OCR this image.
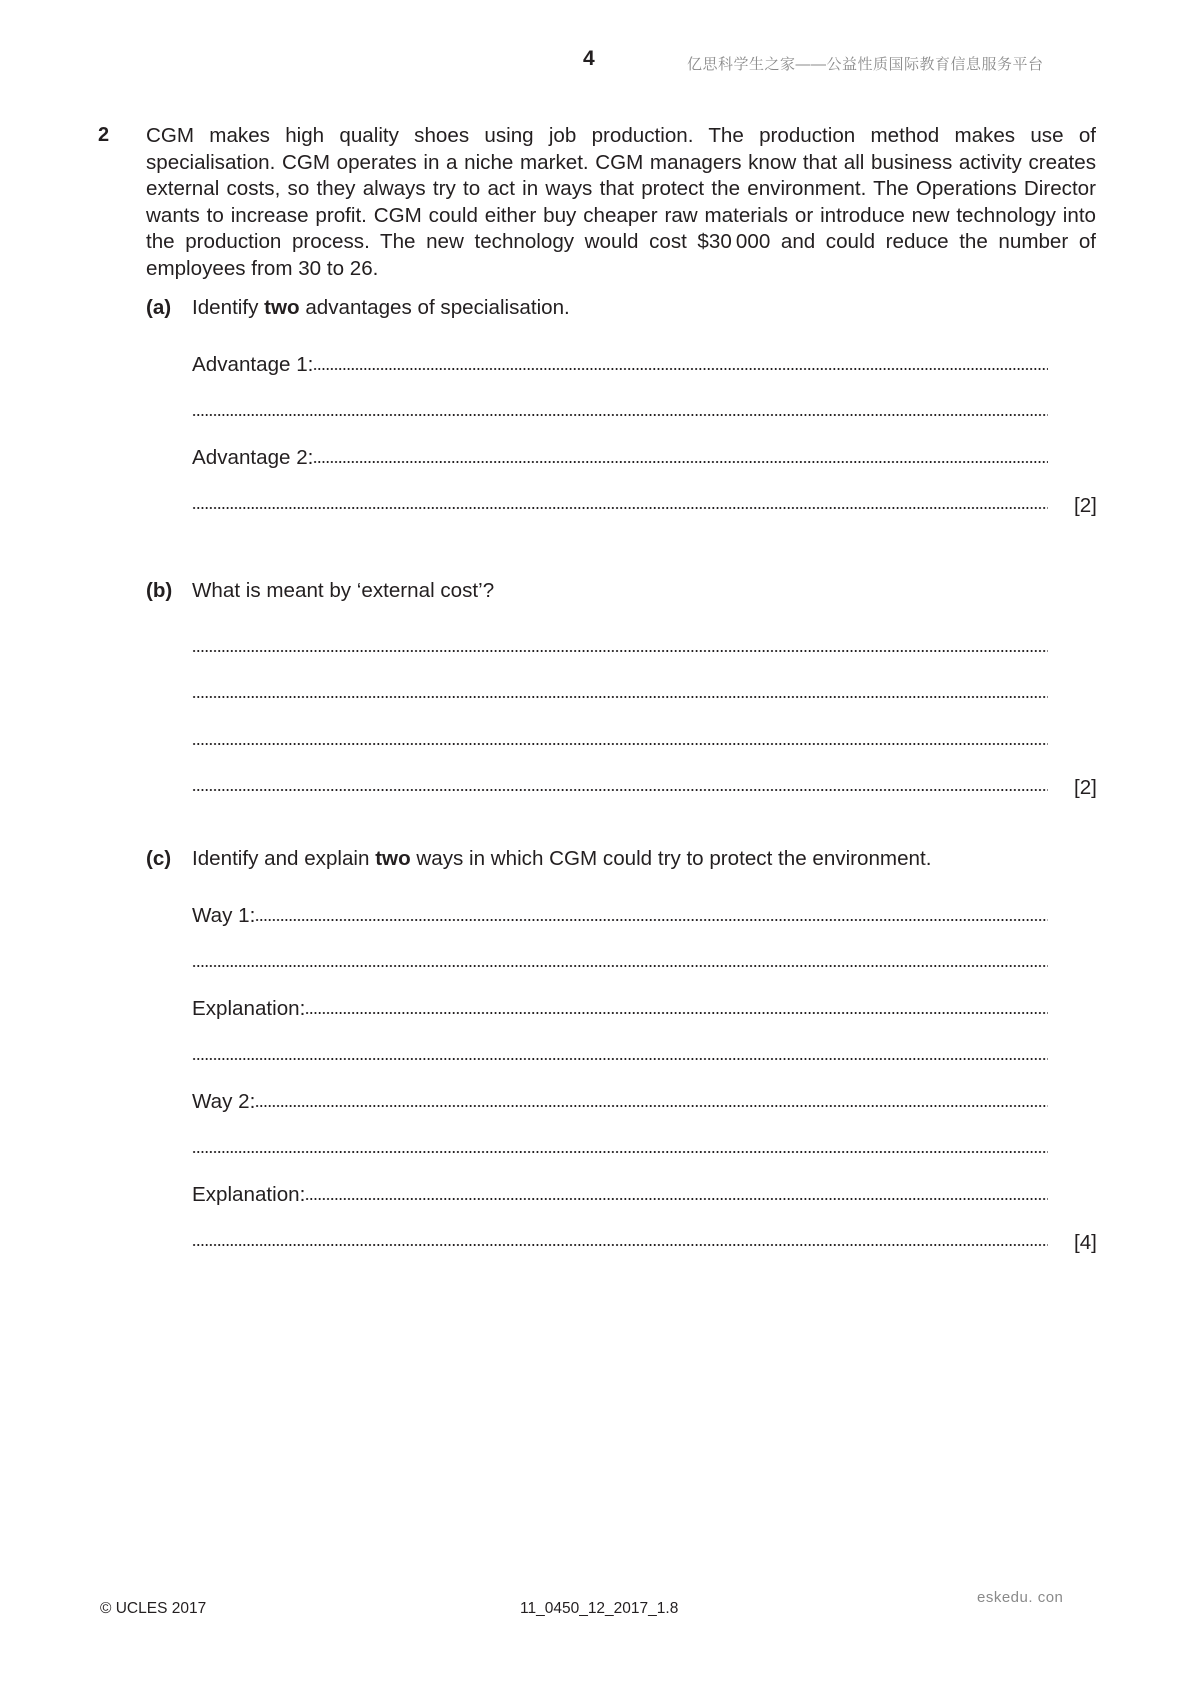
4	亿思科学生之家——公益性质国际教育信息服务平台
2 CGM makes high quality shoes using job production. The production method makes use of specialisation. CGM operates in a niche market. CGM managers know that all business activity creates external costs, so they always try to act in ways that protect the environment. The Operations Director wants to increase profit. CGM could either buy cheaper raw materials or introduce new technology into the production process. The new technology would cost $30 000 and could reduce the number of employees from 30 to 26.
(a) Identify two advantages of specialisation.
Advantage 1:
Advantage 2:
[2]
(b) What is meant by ‘external cost’?
[2]
(c) Identify and explain two ways in which CGM could try to protect the environment.
Way 1:
Explanation:
Way 2:
Explanation:
[4]
© UCLES 2017	11_0450_12_2017_1.8
eskedu. con
